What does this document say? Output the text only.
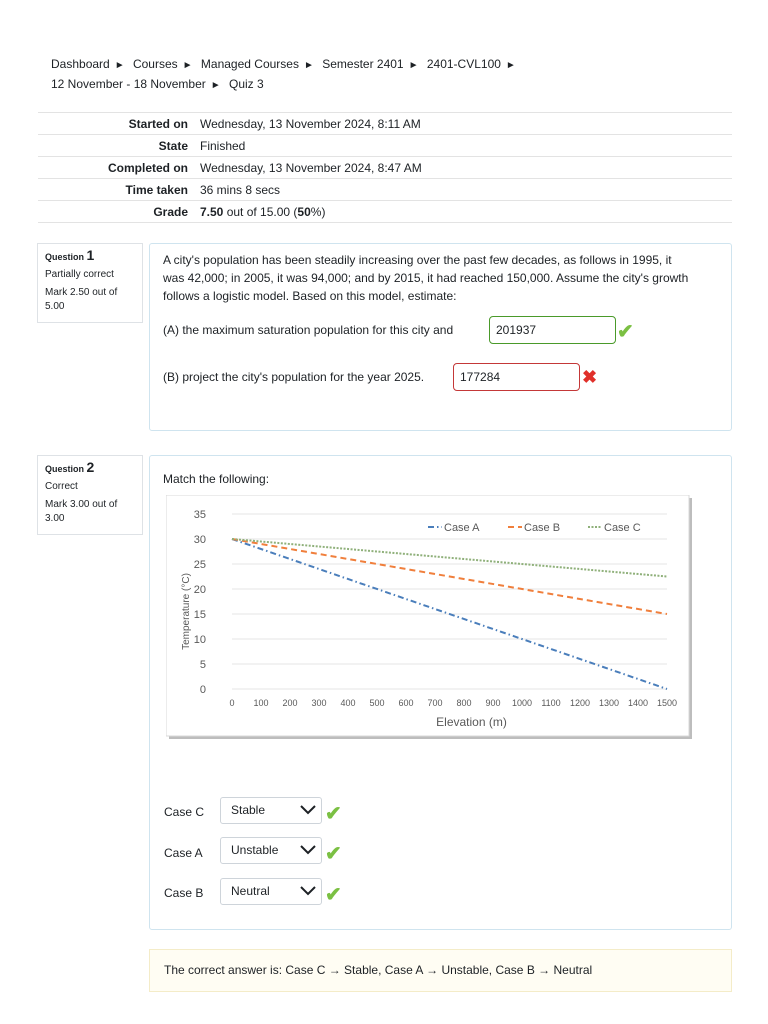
Dashboard ► Courses ► Managed Courses ► Semester 2401 ► 2401-CVL100 ►
12 November - 18 November ► Quiz 3
Started on	Wednesday, 13 November 2024, 8:11 AM
State	Finished
Completed on	Wednesday, 13 November 2024, 8:47 AM
Time taken	36 mins 8 secs
Grade	7.50 out of 15.00 (50%)
Question 1
Partially correct
Mark 2.50 out of 5.00
A city's population has been steadily increasing over the past few decades, as follows in 1995, it was 42,000; in 2005, it was 94,000; and by 2015, it had reached 150,000. Assume the city's growth follows a logistic model. Based on this model, estimate:
(A) the maximum saturation population for this city and	201937	✔
(B) project the city's population for the year 2025.	177284	✖
Question 2
Correct
Mark 3.00 out of 3.00
Match the following:
0
5
10
15
20
25
30
35
0 100 200 300 400 500 600 700 800 900 1000 1100 1200 1300 1400 1500
Elevation (m)
Temperature (°C)
Case A	Case B	Case C
Case C	Stable	✔
Case A	Unstable	✔
Case B	Neutral	✔
The correct answer is: Case C → Stable, Case A → Unstable, Case B → Neutral
